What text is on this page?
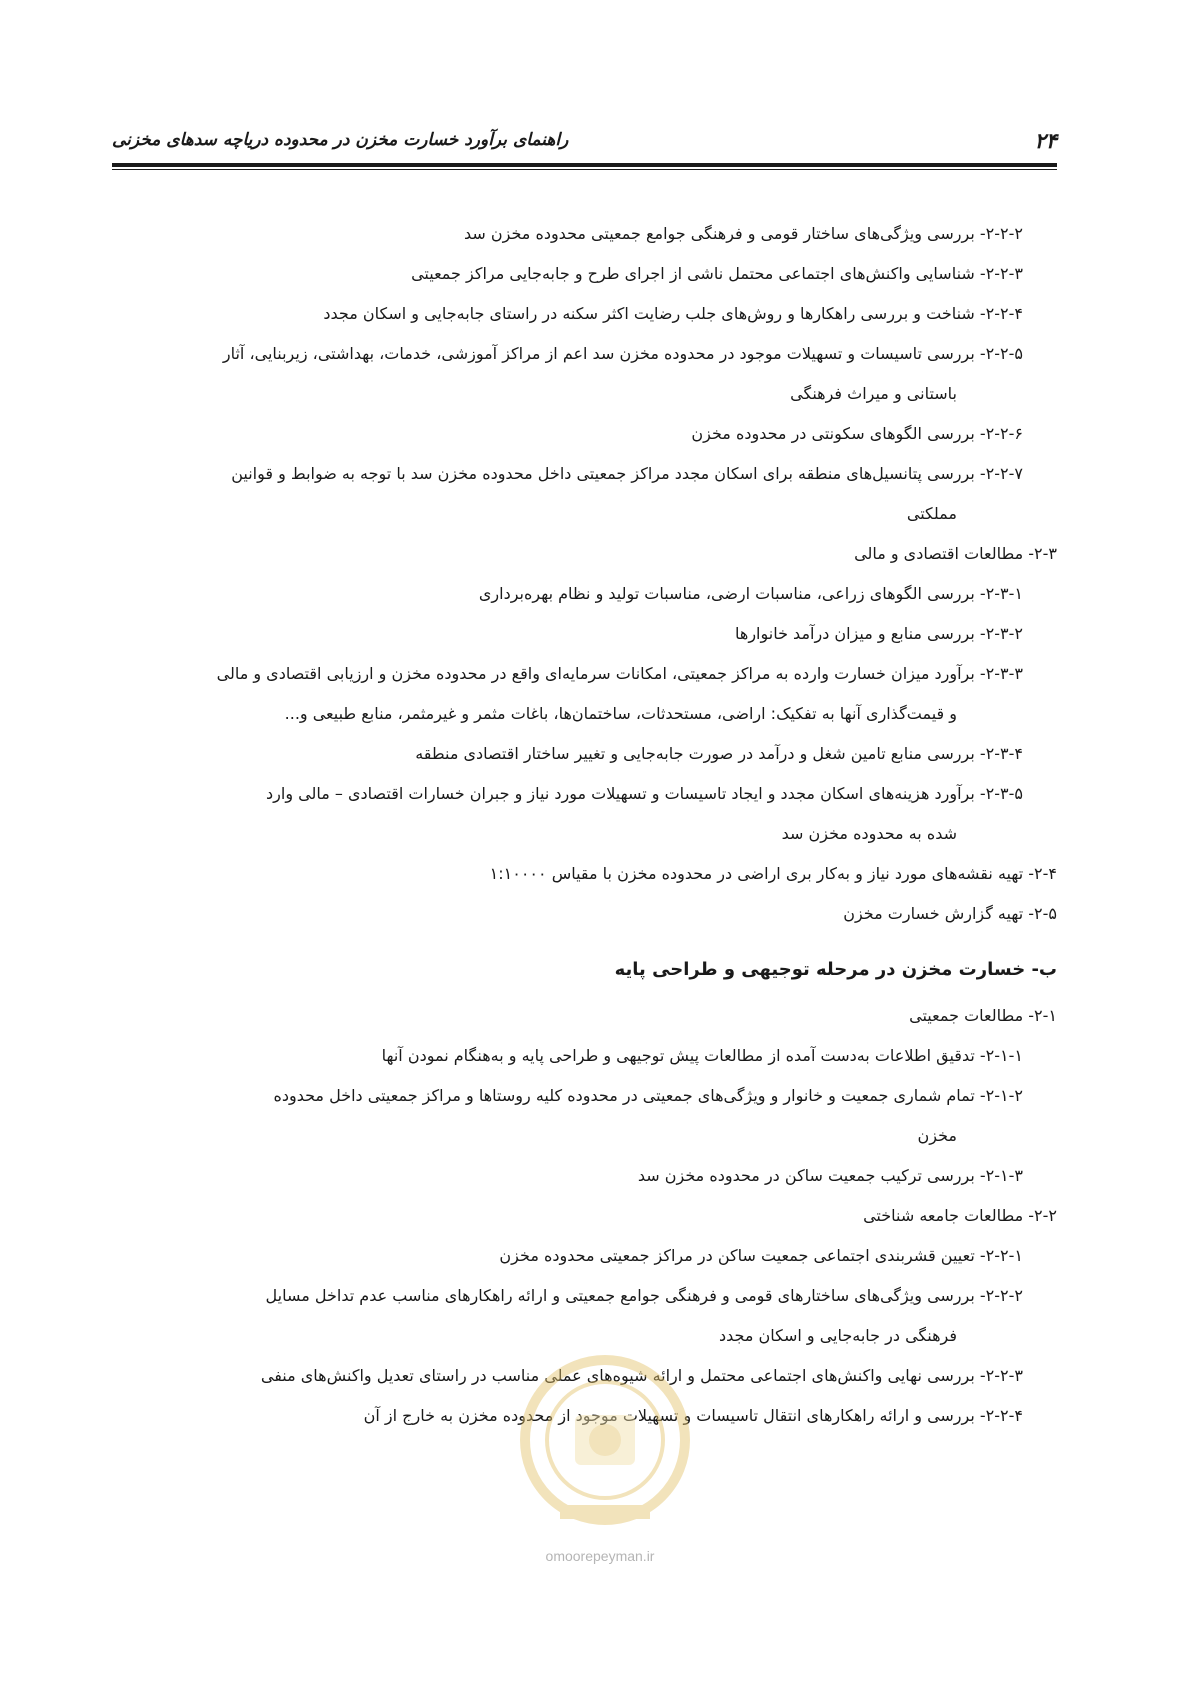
۲۴
راهنمای برآورد خسارت مخزن در محدوده دریاچه سدهای مخزنی
۲-۲-۲- بررسی ویژگی‌های ساختار قومی و فرهنگی جوامع جمعیتی محدوده مخزن سد
۲-۲-۳- شناسایی واکنش‌های اجتماعی محتمل ناشی از اجرای طرح و جابه‌جایی مراکز جمعیتی
۲-۲-۴- شناخت و بررسی راهکارها و روش‌های جلب رضایت اکثر سکنه در راستای جابه‌جایی و اسکان مجدد
۲-۲-۵- بررسی تاسیسات و تسهیلات موجود در محدوده مخزن سد اعم از مراکز آموزشی، خدمات، بهداشتی، زیربنایی، آثار
باستانی و میراث فرهنگی
۲-۲-۶- بررسی الگوهای سکونتی در محدوده مخزن
۲-۲-۷- بررسی پتانسیل‌های منطقه برای اسکان مجدد مراکز جمعیتی داخل محدوده مخزن سد با توجه به ضوابط و قوانین
مملکتی
۲-۳- مطالعات اقتصادی و مالی
۲-۳-۱- بررسی الگوهای زراعی، مناسبات ارضی، مناسبات تولید و نظام بهره‌برداری
۲-۳-۲- بررسی منابع و میزان درآمد خانوارها
۲-۳-۳- برآورد میزان خسارت وارده به مراکز جمعیتی، امکانات سرمایه‌ای واقع در محدوده مخزن و ارزیابی اقتصادی و مالی
و قیمت‌گذاری آنها به تفکیک: اراضی، مستحدثات، ساختمان‌ها، باغات مثمر و غیرمثمر، منابع طبیعی و...
۲-۳-۴- بررسی منابع تامین شغل و درآمد در صورت جابه‌جایی و تغییر ساختار اقتصادی منطقه
۲-۳-۵- برآورد هزینه‌های اسکان مجدد و ایجاد تاسیسات و تسهیلات مورد نیاز و جبران خسارات اقتصادی – مالی وارد
شده به محدوده مخزن سد
۲-۴- تهیه نقشه‌های مورد نیاز و به‌کار بری اراضی در محدوده مخزن با مقیاس ۱:۱۰۰۰۰
۲-۵- تهیه گزارش خسارت مخزن
ب- خسارت مخزن در مرحله توجیهی و طراحی پایه
۲-۱- مطالعات جمعیتی
۲-۱-۱- تدقیق اطلاعات به‌دست آمده از مطالعات پیش توجیهی و طراحی پایه و به‌هنگام نمودن آنها
۲-۱-۲- تمام شماری جمعیت و خانوار و ویژگی‌های جمعیتی در محدوده کلیه روستاها و مراکز جمعیتی داخل محدوده
مخزن
۲-۱-۳- بررسی ترکیب جمعیت ساکن در محدوده مخزن سد
۲-۲- مطالعات جامعه شناختی
۲-۲-۱- تعیین قشربندی اجتماعی جمعیت ساکن در مراکز جمعیتی محدوده مخزن
۲-۲-۲- بررسی ویژگی‌های ساختارهای قومی و فرهنگی جوامع جمعیتی و ارائه راهکارهای مناسب عدم تداخل مسایل
فرهنگی در جابه‌جایی و اسکان مجدد
۲-۲-۳- بررسی نهایی واکنش‌های اجتماعی محتمل و ارائه شیوه‌های عملی مناسب در راستای تعدیل واکنش‌های منفی
۲-۲-۴- بررسی و ارائه راهکارهای انتقال تاسیسات و تسهیلات موجود از محدوده مخزن به خارج از آن
omoorepeyman.ir
